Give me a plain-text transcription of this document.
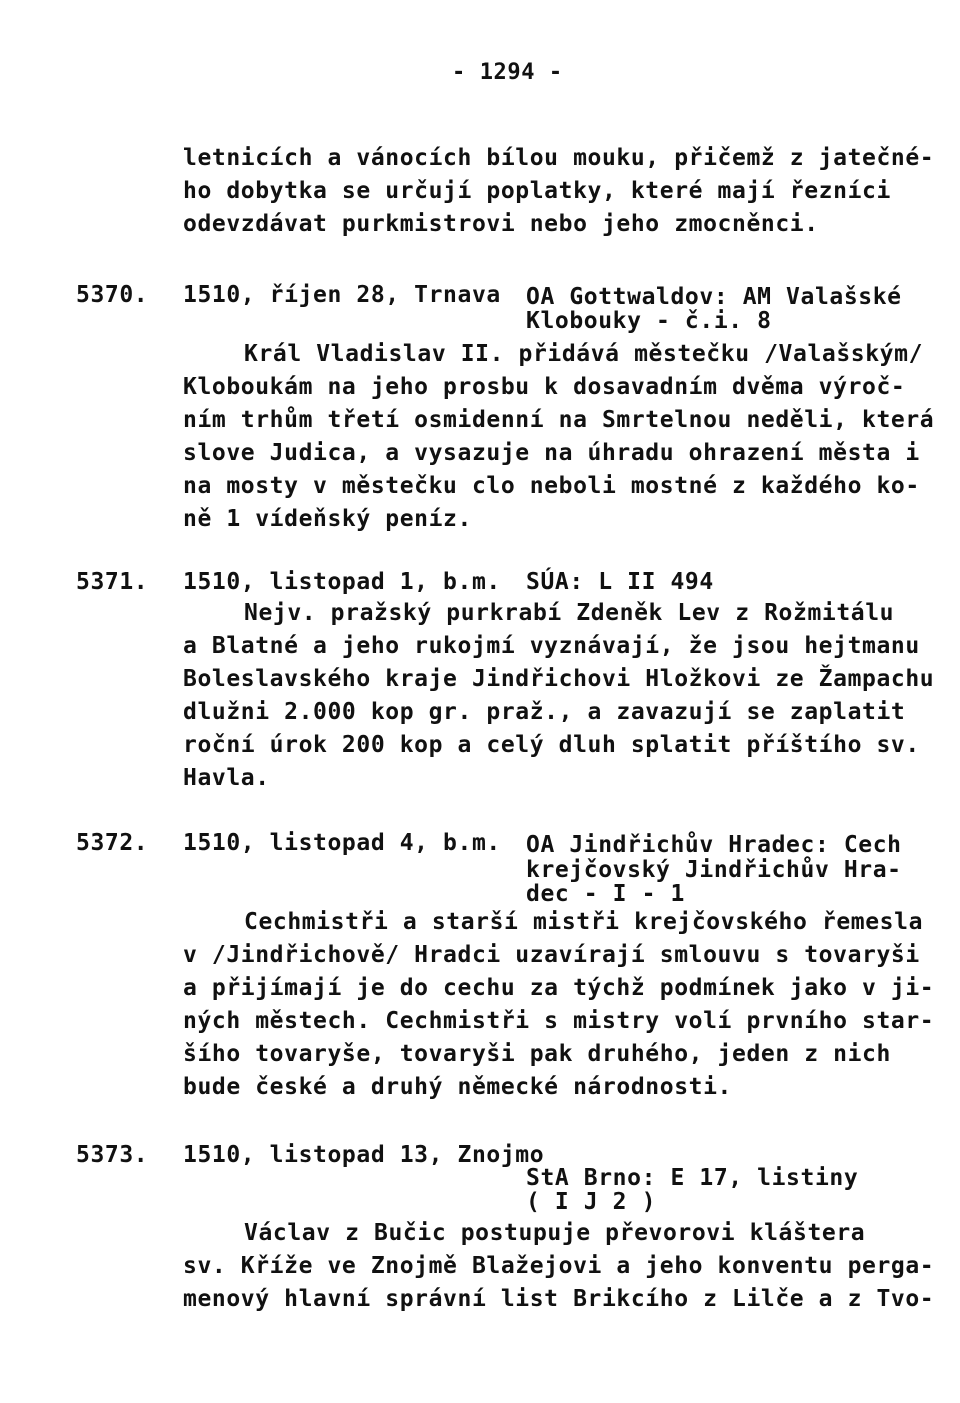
- 1294 -
letnicích a vánocích bílou mouku, přičemž z jatečné-
ho dobytka se určují poplatky, které mají řezníci
odevzdávat purkmistrovi nebo jeho zmocněnci.
5370. 1510, říjen 28, Trnava OA Gottwaldov: AM Valašské
Klobouky - č.i. 8
Král Vladislav II. přidává městečku /Valašským/
Kloboukám na jeho prosbu k dosavadním dvěma výroč-
ním trhům třetí osmidenní na Smrtelnou neděli, která
slove Judica, a vysazuje na úhradu ohrazení města i
na mosty v městečku clo neboli mostné z každého ko-
ně 1 vídeňský peníz.
5371. 1510, listopad 1, b.m. SÚA: L II 494
Nejv. pražský purkrabí Zdeněk Lev z Rožmitálu
a Blatné a jeho rukojmí vyznávají, že jsou hejtmanu
Boleslavského kraje Jindřichovi Hložkovi ze Žampachu
dlužni 2.000 kop gr. praž., a zavazují se zaplatit
roční úrok 200 kop a celý dluh splatit příštího sv.
Havla.
5372. 1510, listopad 4, b.m. OA Jindřichův Hradec: Cech
krejčovský Jindřichův Hra-
dec - I - 1
Cechmistři a starší mistři krejčovského řemesla
v /Jindřichově/ Hradci uzavírají smlouvu s tovaryši
a přijímají je do cechu za týchž podmínek jako v ji-
ných městech. Cechmistři s mistry volí prvního star-
šího tovaryše, tovaryši pak druhého, jeden z nich
bude české a druhý německé národnosti.
5373. 1510, listopad 13, Znojmo
StA Brno: E 17, listiny
( I J 2 )
Václav z Bučic postupuje převorovi kláštera
sv. Kříže ve Znojmě Blažejovi a jeho konventu perga-
menový hlavní správní list Brikcího z Lilče a z Tvo-
